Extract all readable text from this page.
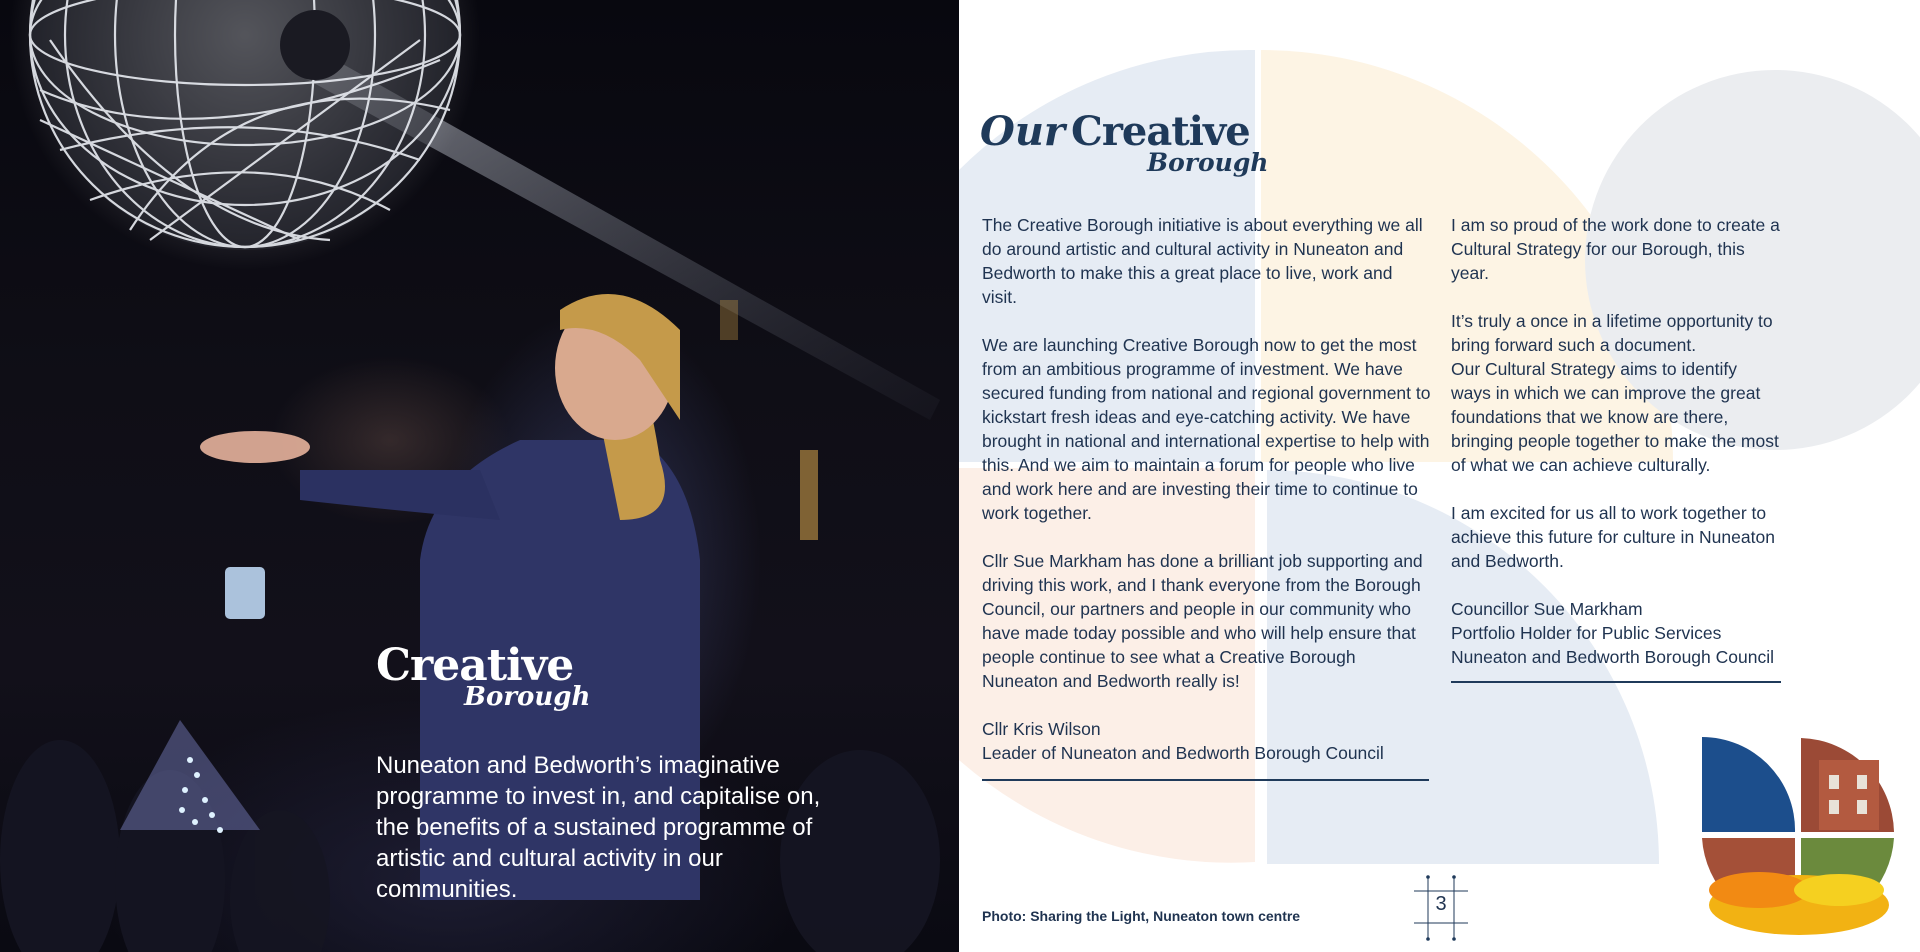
Creative
Borough
Nuneaton and Bedworth’s imaginative programme to invest in, and capitalise on, the benefits of a sustained programme of artistic and cultural activity in our communities.
Our Creative
Borough

The Creative Borough initiative is about everything we all do around artistic and cultural activity in Nuneaton and Bedworth to make this a great place to live, work and visit.

We are launching Creative Borough now to get the most from an ambitious programme of investment. We have secured funding from national and regional government to kickstart fresh ideas and eye-catching activity. We have brought in national and international expertise to help with this. And we aim to maintain a forum for people who live and work here and are investing their time to continue to work together.

Cllr Sue Markham has done a brilliant job supporting and driving this work, and I thank everyone from the Borough Council, our partners and people in our community who have made today possible and who will help ensure that people continue to see what a Creative Borough Nuneaton and Bedworth really is!

Cllr Kris Wilson
Leader of Nuneaton and Bedworth Borough Council

I am so proud of the work done to create a Cultural Strategy for our Borough, this year.

It’s truly a once in a lifetime opportunity to bring forward such a document.
Our Cultural Strategy aims to identify ways in which we can improve the great foundations that we know are there, bringing people together to make the most of what we can achieve culturally.

I am excited for us all to work together to achieve this future for culture in Nuneaton and Bedworth.

Councillor Sue Markham
Portfolio Holder for Public Services
Nuneaton and Bedworth Borough Council
Photo: Sharing the Light, Nuneaton town centre
3
